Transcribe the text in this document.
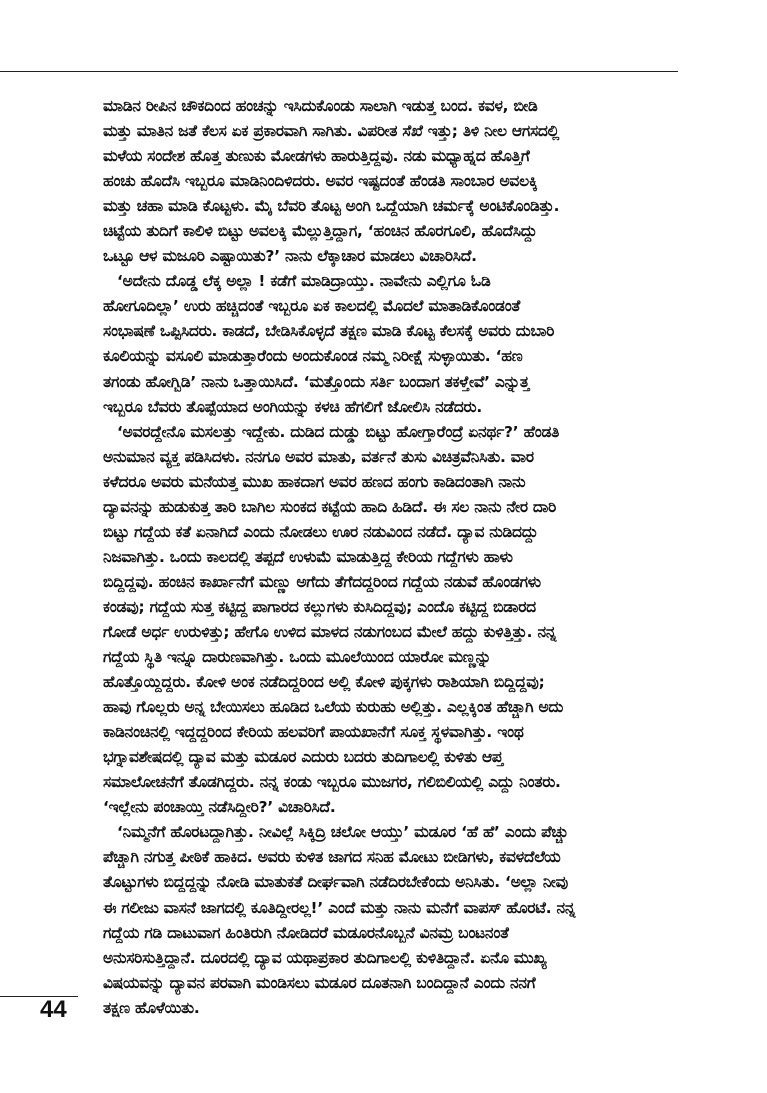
ಮಾಡಿನ ರೀಪಿನ ಚೌಕದಿಂದ ಹಂಚನ್ನು ಇಸಿದುಕೊಂಡು ಸಾಲಾಗಿ ಇಡುತ್ತ ಬಂದ. ಕವಳ, ಬೀಡಿ
ಮತ್ತು ಮಾತಿನ ಜತೆ ಕೆಲಸ ಏಕ ಪ್ರಕಾರವಾಗಿ ಸಾಗಿತು. ವಿಪರೀತ ಸೆಖೆ ಇತ್ತು; ತಿಳಿ ನೀಲ ಆಗಸದಲ್ಲಿ
ಮಳೆಯ ಸಂದೇಶ ಹೊತ್ತ ತುಣುಕು ಮೋಡಗಳು ಹಾರುತ್ತಿದ್ದವು. ನಡು ಮಧ್ಯಾಹ್ನದ ಹೊತ್ತಿಗೆ
ಹಂಚು ಹೊದೆಸಿ ಇಬ್ಬರೂ ಮಾಡಿನಿಂದಿಳಿದರು. ಅವರ ಇಷ್ಟದಂತೆ ಹೆಂಡತಿ ಸಾಂಬಾರ ಅವಲಕ್ಕಿ
ಮತ್ತು ಚಹಾ ಮಾಡಿ ಕೊಟ್ಟಳು. ಮೈ ಬೆವರಿ ತೊಟ್ಟ ಅಂಗಿ ಒದ್ದೆಯಾಗಿ ಚರ್ಮಕ್ಕೆ ಅಂಟಿಕೊಂಡಿತ್ತು.
ಚಿಟ್ಟೆಯ ತುದಿಗೆ ಕಾಲಿಳಿ ಬಿಟ್ಟು ಅವಲಕ್ಕಿ ಮೆಲ್ಲುತ್ತಿದ್ದಾಗ, ‘ಹಂಚಿನ ಹೊರಗೂಲಿ, ಹೊದೆಸಿದ್ದು
ಒಟ್ಟೂ ಆಳ ಮಜೂರಿ ಎಷ್ಟಾಯಿತು?’ ನಾನು ಲೆಕ್ಕಾಚಾರ ಮಾಡಲು ವಿಚಾರಿಸಿದೆ.
‘ಅದೇನು ದೊಡ್ಡ ಲೆಕ್ಕ ಅಲ್ಲಾ ! ಕಡೆಗೆ ಮಾಡಿದ್ರಾಯ್ತು. ನಾವೇನು ಎಲ್ಲಿಗೂ ಓಡಿ
ಹೋಗೂದಿಲ್ಲಾ’ ಉರು ಹಚ್ಚಿದಂತೆ ಇಬ್ಬರೂ ಏಕ ಕಾಲದಲ್ಲಿ ಮೊದಲೆ ಮಾತಾಡಿಕೊಂಡಂತೆ
ಸಂಭಾಷಣೆ ಒಪ್ಪಿಸಿದರು. ಕಾಡದೆ, ಬೇಡಿಸಿಕೊಳ್ಳದೆ ತಕ್ಷಣ ಮಾಡಿ ಕೊಟ್ಟ ಕೆಲಸಕ್ಕೆ ಅವರು ದುಬಾರಿ
ಕೂಲಿಯನ್ನು ವಸೂಲಿ ಮಾಡುತ್ತಾರೆಂದು ಅಂದುಕೊಂಡ ನಮ್ಮ ನಿರೀಕ್ಷೆ ಸುಳ್ಳಾಯಿತು. ‘ಹಣ
ತಗಂಡು ಹೋಗ್ಬಿಡಿ’ ನಾನು ಒತ್ತಾಯಿಸಿದೆ. ‘ಮತ್ತೊಂದು ಸರ್ತಿ ಬಂದಾಗ ತಕಳ್ತೇವೆ’ ಎನ್ನುತ್ತ
ಇಬ್ಬರೂ ಬೆವರು ತೊಪ್ಪೆಯಾದ ಅಂಗಿಯನ್ನು ಕಳಚಿ ಹೆಗಲಿಗೆ ಜೋಲಿಸಿ ನಡೆದರು.
‘ಅವರದ್ದೇನೊ ಮಸಲತ್ತು ಇದ್ದೇಕು. ದುಡಿದ ದುಡ್ಡು ಬಿಟ್ಟು ಹೋಗ್ತಾರೆಂದ್ರೆ ಏನರ್ಥ?’ ಹೆಂಡತಿ
ಅನುಮಾನ ವ್ಯಕ್ತ ಪಡಿಸಿದಳು. ನನಗೂ ಅವರ ಮಾತು, ವರ್ತನೆ ತುಸು ವಿಚಿತ್ರವೆನಿಸಿತು. ವಾರ
ಕಳೆದರೂ ಅವರು ಮನೆಯತ್ತ ಮುಖ ಹಾಕದಾಗ ಅವರ ಹಣದ ಹಂಗು ಕಾಡಿದಂತಾಗಿ ನಾನು
ದ್ಯಾವನನ್ನು ಹುಡುಕುತ್ತ ತಾರಿ ಬಾಗಿಲ ಸುಂಕದ ಕಟ್ಟೆಯ ಹಾದಿ ಹಿಡಿದೆ. ಈ ಸಲ ನಾನು ನೇರ ದಾರಿ
ಬಿಟ್ಟು ಗದ್ದೆಯ ಕತೆ ಏನಾಗಿದೆ ಎಂದು ನೋಡಲು ಊರ ನಡುವಿಂದ ನಡೆದೆ. ದ್ಯಾವ ನುಡಿದದ್ದು
ನಿಜವಾಗಿತ್ತು. ಒಂದು ಕಾಲದಲ್ಲಿ ತಪ್ಪದೆ ಉಳುಮೆ ಮಾಡುತ್ತಿದ್ದ ಕೇರಿಯ ಗದ್ದೆಗಳು ಹಾಳು
ಬಿದ್ದಿದ್ದವು. ಹಂಚಿನ ಕಾರ್ಖಾನೆಗೆ ಮಣ್ಣು ಅಗೆದು ತೆಗೆದದ್ದರಿಂದ ಗದ್ದೆಯ ನಡುವೆ ಹೊಂಡಗಳು
ಕಂಡವು; ಗದ್ದೆಯ ಸುತ್ತ ಕಟ್ಟಿದ್ದ ಪಾಗಾರದ ಕಲ್ಲುಗಳು ಕುಸಿದಿದ್ದವು; ಎಂದೊ ಕಟ್ಟಿದ್ದ ಬಿಡಾರದ
ಗೋಡೆ ಅರ್ಧ ಉರುಳಿತ್ತು; ಹೇಗೊ ಉಳಿದ ಮಾಳದ ನಡುಗಂಬದ ಮೇಲೆ ಹದ್ದು ಕುಳಿತ್ತಿತ್ತು. ನನ್ನ
ಗದ್ದೆಯ ಸ್ಥಿತಿ ಇನ್ನೂ ದಾರುಣವಾಗಿತ್ತು. ಒಂದು ಮೂಲೆಯಿಂದ ಯಾರೋ ಮಣ್ಣನ್ನು
ಹೊತ್ತೊಯ್ದಿದ್ದರು. ಕೋಳಿ ಅಂಕ ನಡೆದಿದ್ದರಿಂದ ಅಲ್ಲಿ ಕೋಳಿ ಪುಕ್ಕಗಳು ರಾಶಿಯಾಗಿ ಬಿದ್ದಿದ್ದವು;
ಹಾವು ಗೊಲ್ಲರು ಅನ್ನ ಬೇಯಿಸಲು ಹೂಡಿದ ಒಲೆಯ ಕುರುಹು ಅಲ್ಲಿತ್ತು. ಎಲ್ಲಕ್ಕಿಂತ ಹೆಚ್ಚಾಗಿ ಅದು
ಕಾಡಿನಂಚಿನಲ್ಲಿ ಇದ್ದದ್ದರಿಂದ ಕೇರಿಯ ಹಲವರಿಗೆ ಪಾಯಖಾನೆಗೆ ಸೂಕ್ತ ಸ್ಥಳವಾಗಿತ್ತು. ಇಂಥ
ಭಗ್ನಾವಶೇಷದಲ್ಲಿ ದ್ಯಾವ ಮತ್ತು ಮಡೂರ ಎದುರು ಬದರು ತುದಿಗಾಲಲ್ಲಿ ಕುಳಿತು ಆಪ್ತ
ಸಮಾಲೋಚನೆಗೆ ತೊಡಗಿದ್ದರು. ನನ್ನ ಕಂಡು ಇಬ್ಬರೂ ಮುಜಗರ, ಗಲಿಬಿಲಿಯಲ್ಲಿ ಎದ್ದು ನಿಂತರು.
‘ಇಲ್ಲೇನು ಪಂಚಾಯ್ತಿ ನಡೆಸಿದ್ದೀರಿ?’ ವಿಚಾರಿಸಿದೆ.
‘ನಿಮ್ಮನೆಗೆ ಹೊರಟದ್ದಾಗಿತ್ತು. ನೀವಿಲ್ಲೆ ಸಿಕ್ಕಿದ್ರಿ ಚಲೋ ಆಯ್ತು’ ಮಡೂರ ‘ಹೆ ಹೆ’ ಎಂದು ಪೆಚ್ಚು
ಪೆಚ್ಚಾಗಿ ನಗುತ್ತ ಪೀಠಿಕೆ ಹಾಕಿದ. ಅವರು ಕುಳಿತ ಜಾಗದ ಸನಿಹ ಮೋಟು ಬೀಡಿಗಳು, ಕವಳದೆಲೆಯ
ತೊಟ್ಟುಗಳು ಬಿದ್ದದ್ದನ್ನು ನೋಡಿ ಮಾತುಕತೆ ದೀರ್ಘವಾಗಿ ನಡೆದಿರಬೇಕೆಂದು ಅನಿಸಿತು. ‘ಅಲ್ಲಾ ನೀವು
ಈ ಗಲೀಜು ವಾಸನೆ ಜಾಗದಲ್ಲಿ ಕೂತಿದ್ದೀರಲ್ಲ!’ ಎಂದೆ ಮತ್ತು ನಾನು ಮನೆಗೆ ವಾಪಸ್ ಹೊರಟೆ. ನನ್ನ
ಗದ್ದೆಯ ಗಡಿ ದಾಟುವಾಗ ಹಿಂತಿರುಗಿ ನೋಡಿದರೆ ಮಡೂರನೊಬ್ಬನೆ ವಿನಮ್ರ ಬಂಟನಂತೆ
ಅನುಸರಿಸುತ್ತಿದ್ದಾನೆ. ದೂರದಲ್ಲಿ ದ್ಯಾವ ಯಥಾಪ್ರಕಾರ ತುದಿಗಾಲಲ್ಲಿ ಕುಳಿತಿದ್ದಾನೆ. ಏನೊ ಮುಖ್ಯ
ವಿಷಯವನ್ನು ದ್ಯಾವನ ಪರವಾಗಿ ಮಂಡಿಸಲು ಮಡೂರ ದೂತನಾಗಿ ಬಂದಿದ್ದಾನೆ ಎಂದು ನನಗೆ
ತಕ್ಷಣ ಹೊಳೆಯಿತು.
44
